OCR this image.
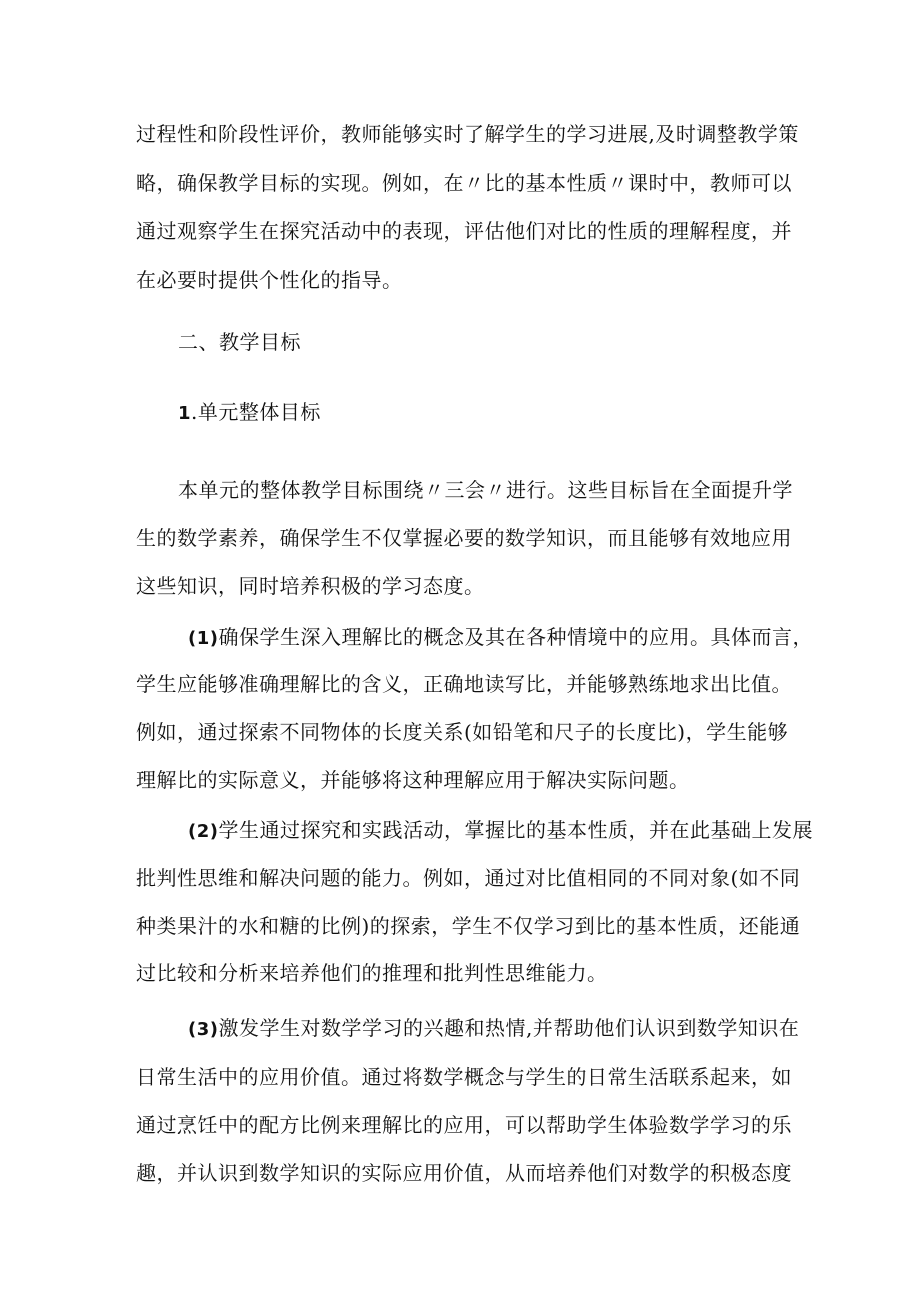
过程性和阶段性评价，教师能够实时了解学生的学习进展,及时调整教学策
略，确保教学目标的实现。例如，在〃比的基本性质〃课时中，教师可以
通过观察学生在探究活动中的表现，评估他们对比的性质的理解程度，并
在必要时提供个性化的指导。
二、教学目标
1.单元整体目标
本单元的整体教学目标围绕〃三会〃进行。这些目标旨在全面提升学
生的数学素养，确保学生不仅掌握必要的数学知识，而且能够有效地应用
这些知识，同时培养积极的学习态度。
(1)确保学生深入理解比的概念及其在各种情境中的应用。具体而言，
学生应能够准确理解比的含义，正确地读写比，并能够熟练地求出比值。
例如，通过探索不同物体的长度关系(如铅笔和尺子的长度比)，学生能够
理解比的实际意义，并能够将这种理解应用于解决实际问题。
(2)学生通过探究和实践活动，掌握比的基本性质，并在此基础上发展
批判性思维和解决问题的能力。例如，通过对比值相同的不同对象(如不同
种类果汁的水和糖的比例)的探索，学生不仅学习到比的基本性质，还能通
过比较和分析来培养他们的推理和批判性思维能力。
(3)激发学生对数学学习的兴趣和热情,并帮助他们认识到数学知识在
日常生活中的应用价值。通过将数学概念与学生的日常生活联系起来，如
通过烹饪中的配方比例来理解比的应用，可以帮助学生体验数学学习的乐
趣，并认识到数学知识的实际应用价值，从而培养他们对数学的积极态度
